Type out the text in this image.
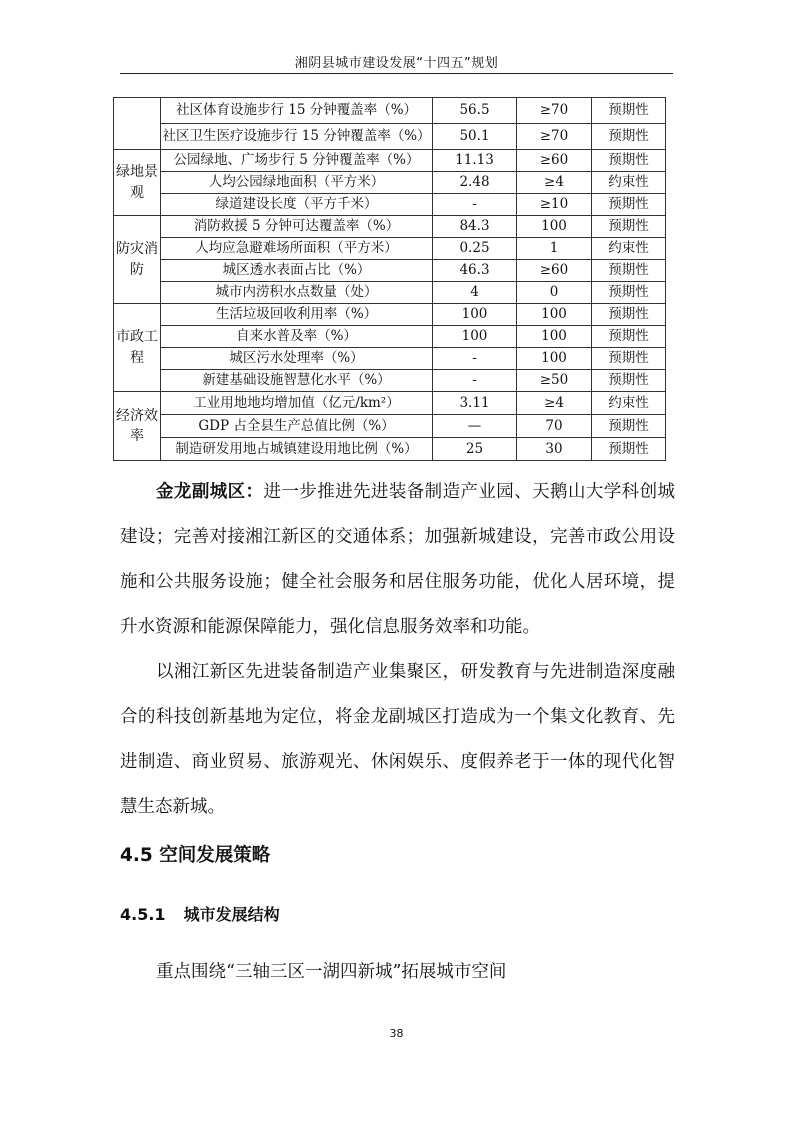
湘阴县城市建设发展“十四五”规划
	社区体育设施步行 15 分钟覆盖率（%）	56.5	≥70	预期性
	社区卫生医疗设施步行 15 分钟覆盖率（%）	50.1	≥70	预期性
绿地景观	公园绿地、广场步行 5 分钟覆盖率（%）	11.13	≥60	预期性
	人均公园绿地面积（平方米）	2.48	≥4	约束性
	绿道建设长度（平方千米）	-	≥10	预期性
防灾消防	消防救援 5 分钟可达覆盖率（%）	84.3	100	预期性
	人均应急避难场所面积（平方米）	0.25	1	约束性
	城区透水表面占比（%）	46.3	≥60	预期性
	城市内涝积水点数量（处）	4	0	预期性
市政工程	生活垃圾回收利用率（%）	100	100	预期性
	自来水普及率（%）	100	100	预期性
	城区污水处理率（%）	-	100	预期性
	新建基础设施智慧化水平（%）	-	≥50	预期性
经济效率	工业用地地均增加值（亿元/km²）	3.11	≥4	约束性
	GDP 占全县生产总值比例（%）	—	70	预期性
	制造研发用地占城镇建设用地比例（%）	25	30	预期性

金龙副城区：进一步推进先进装备制造产业园、天鹅山大学科创城建设；完善对接湘江新区的交通体系；加强新城建设，完善市政公用设施和公共服务设施；健全社会服务和居住服务功能，优化人居环境，提升水资源和能源保障能力，强化信息服务效率和功能。

以湘江新区先进装备制造产业集聚区，研发教育与先进制造深度融合的科技创新基地为定位，将金龙副城区打造成为一个集文化教育、先进制造、商业贸易、旅游观光、休闲娱乐、度假养老于一体的现代化智慧生态新城。

4.5 空间发展策略
4.5.1 城市发展结构
重点围绕“三轴三区一湖四新城”拓展城市空间
38
